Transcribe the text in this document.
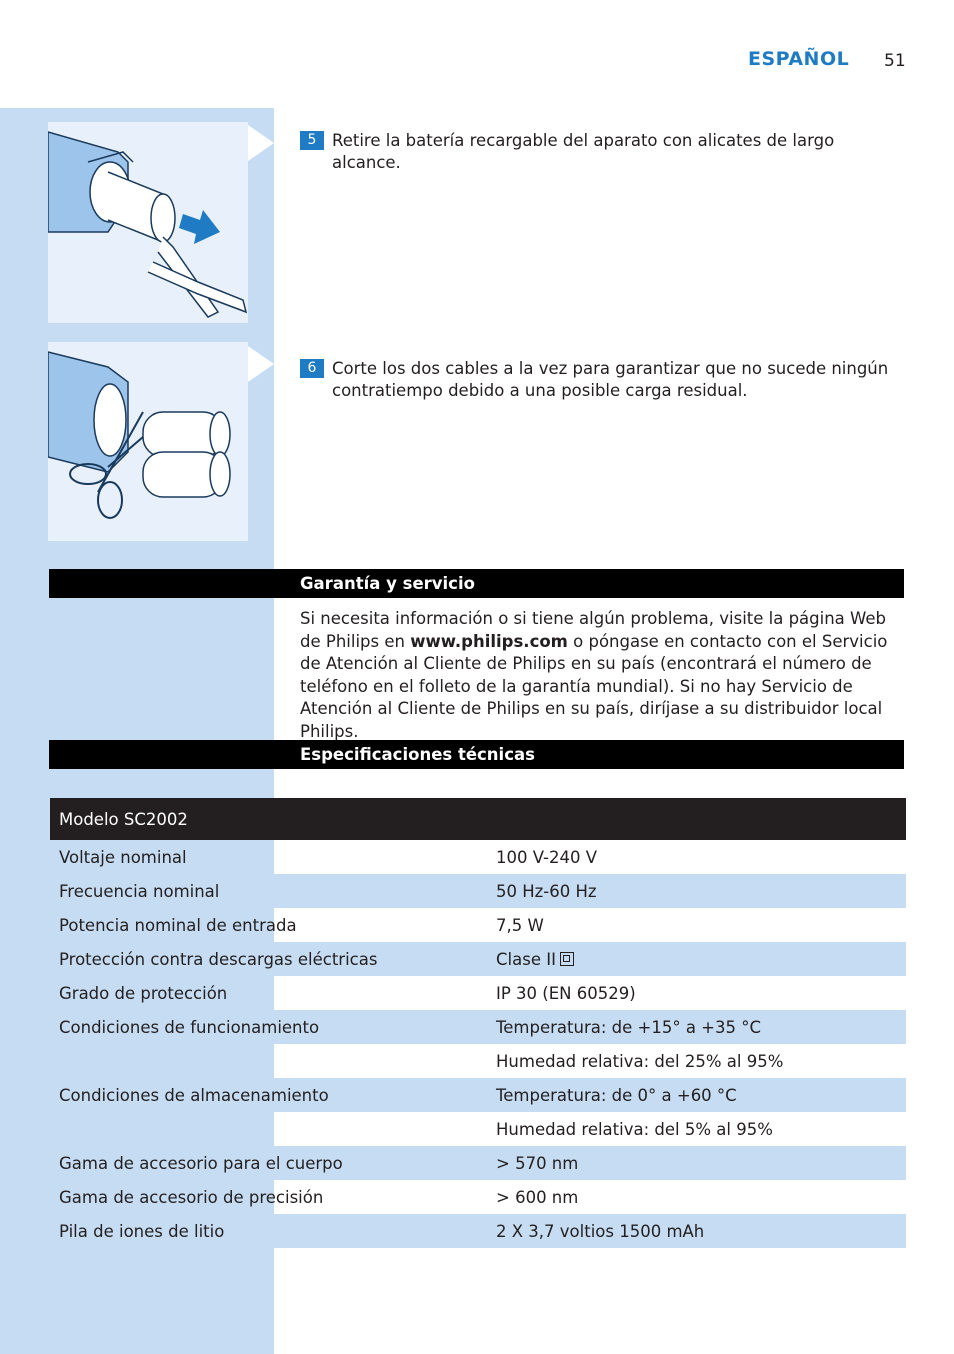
ESPAÑOL 51
5 Retire la batería recargable del aparato con alicates de largo alcance.
6 Corte los dos cables a la vez para garantizar que no sucede ningún contratiempo debido a una posible carga residual.
Garantía y servicio
Si necesita información o si tiene algún problema, visite la página Web de Philips en www.philips.com o póngase en contacto con el Servicio de Atención al Cliente de Philips en su país (encontrará el número de teléfono en el folleto de la garantía mundial). Si no hay Servicio de Atención al Cliente de Philips en su país, diríjase a su distribuidor local Philips.
Especificaciones técnicas
Modelo SC2002	
Voltaje nominal	100 V-240 V
Frecuencia nominal	50 Hz-60 Hz
Potencia nominal de entrada	7,5 W
Protección contra descargas eléctricas	Clase II
Grado de protección	IP 30 (EN 60529)
Condiciones de funcionamiento	Temperatura: de +15° a +35 °C
	Humedad relativa: del 25% al 95%
Condiciones de almacenamiento	Temperatura: de 0° a +60 °C
	Humedad relativa: del 5% al 95%
Gama de accesorio para el cuerpo	> 570 nm
Gama de accesorio de precisión	> 600 nm
Pila de iones de litio	2 X 3,7 voltios 1500 mAh
